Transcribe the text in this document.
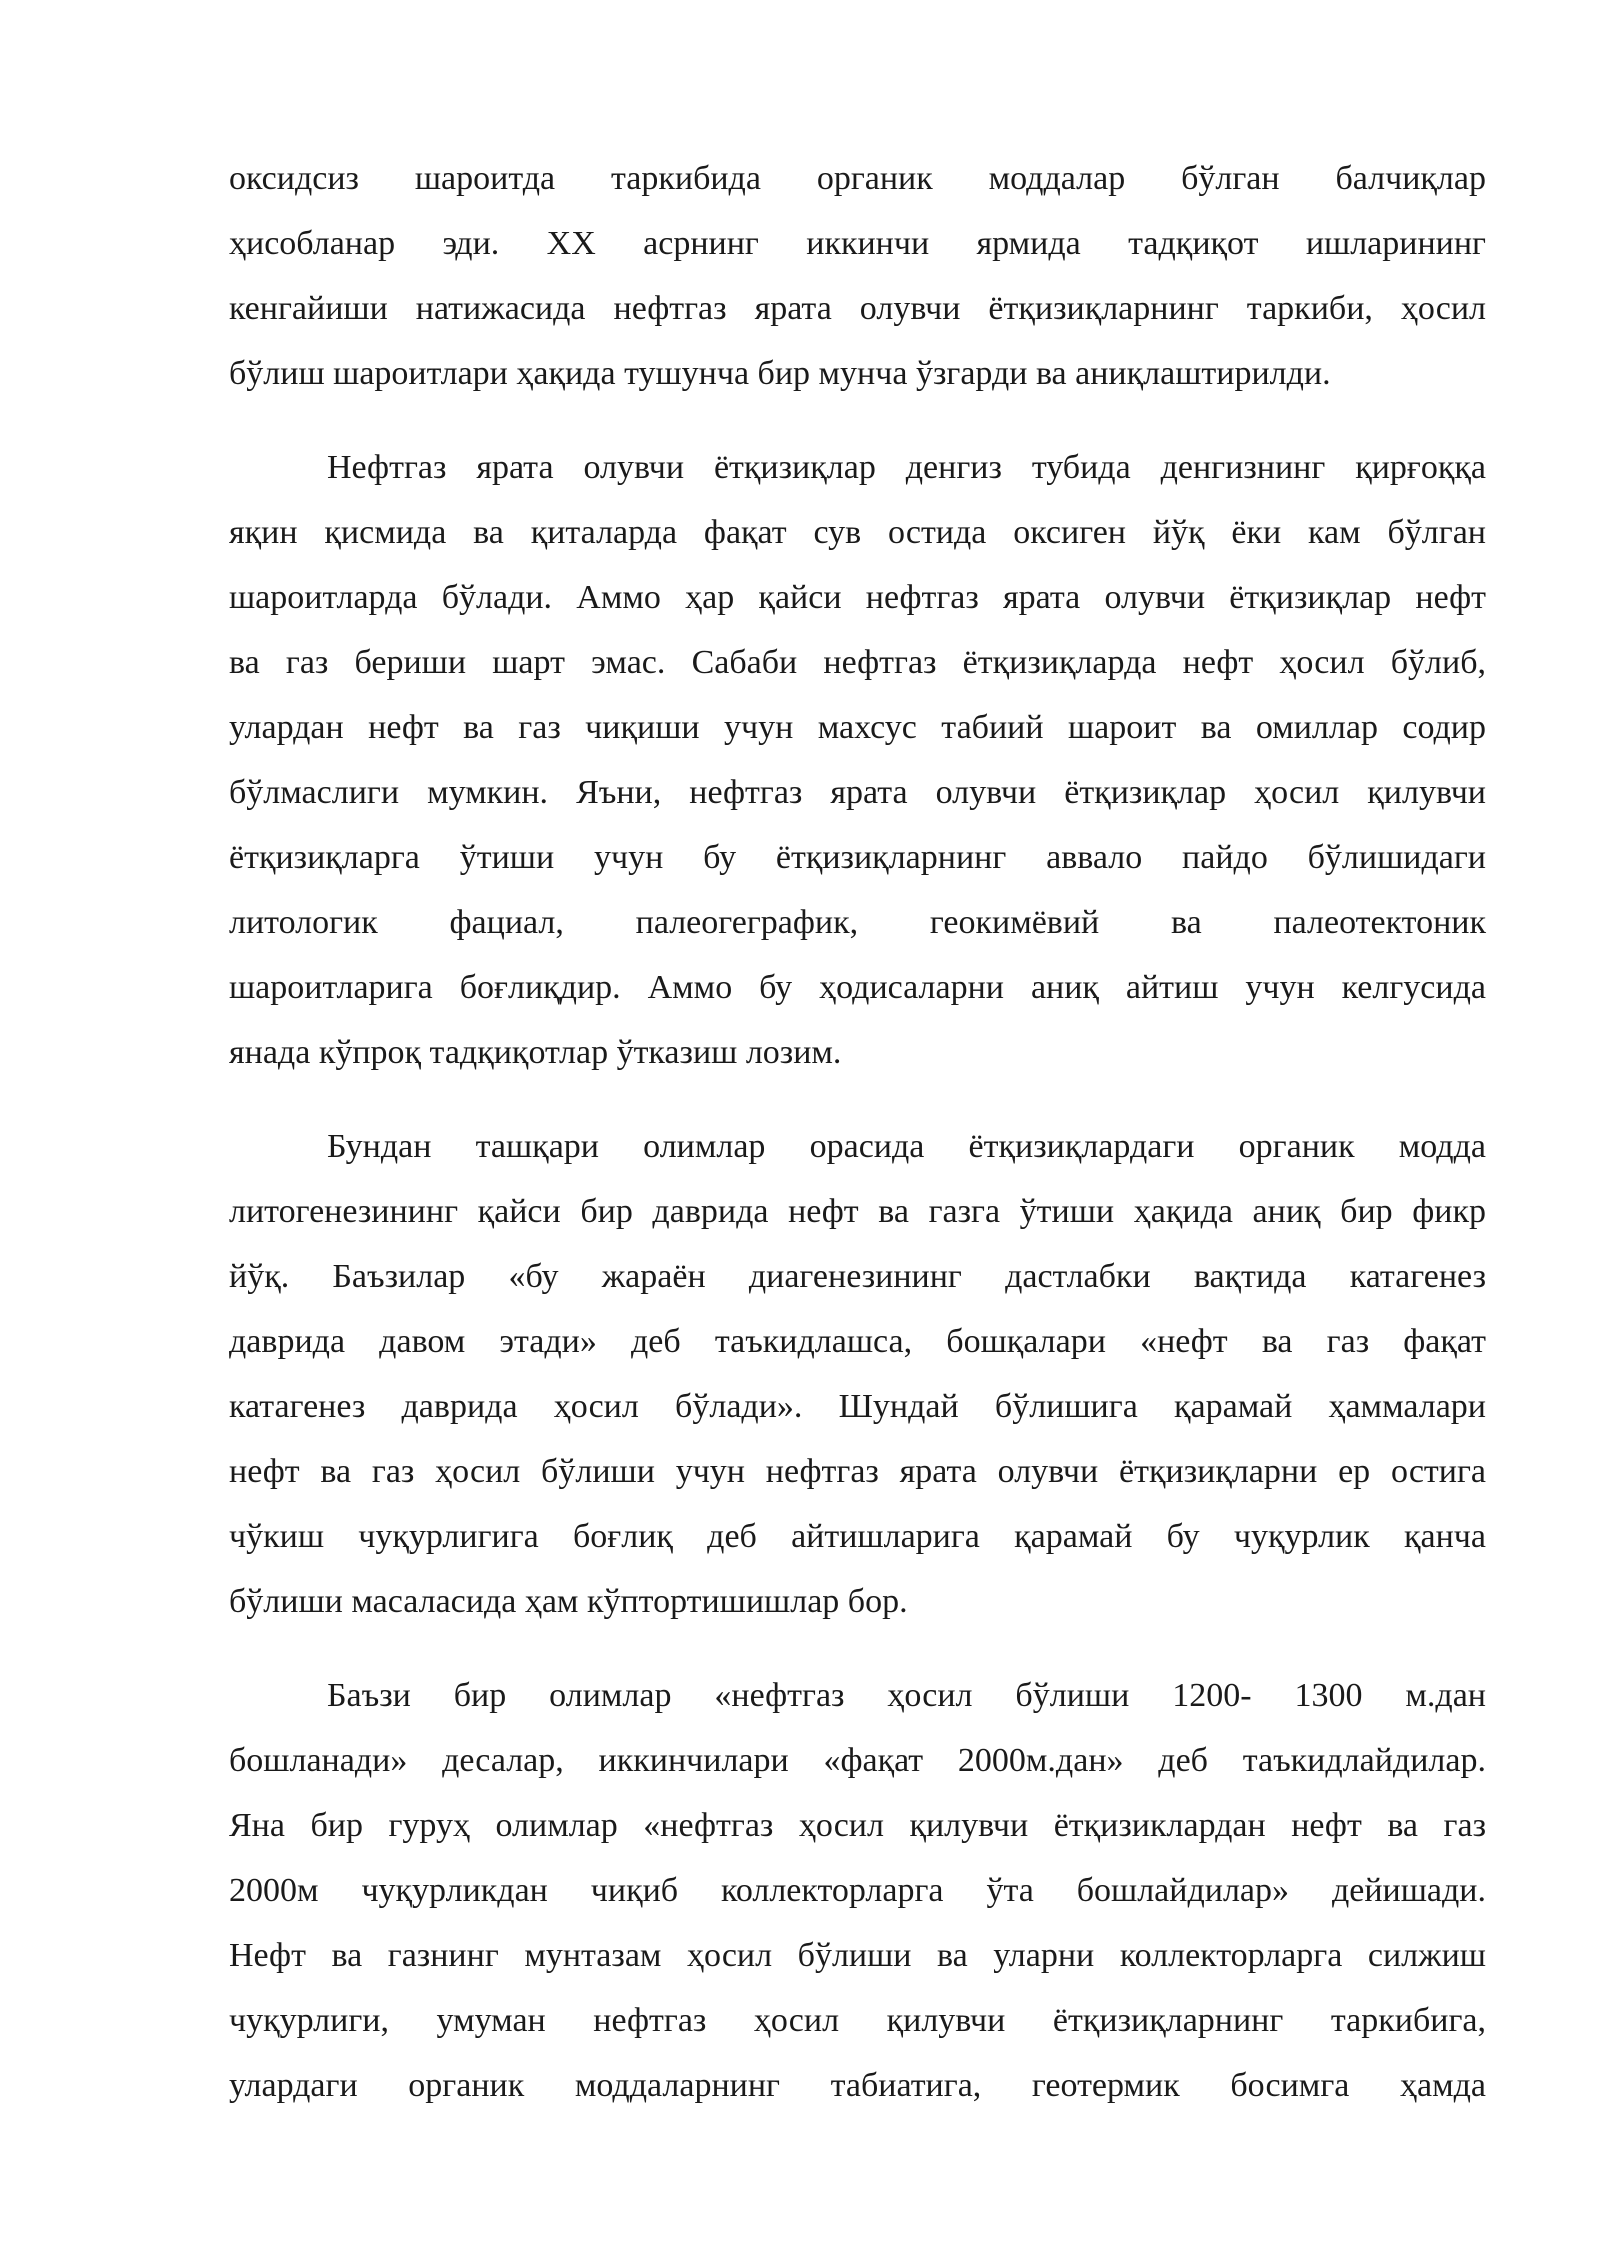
оксидсиз шароитда таркибида органик моддалар бўлган балчиқлар
ҳисобланар эди. XX асрнинг иккинчи ярмида тадқиқот ишларининг
кенгайиши натижасида нефтгаз ярата олувчи ётқизиқларнинг таркиби, ҳосил
бўлиш шароитлари ҳақида тушунча бир мунча ўзгарди ва аниқлаштирилди.
Нефтгаз ярата олувчи ётқизиқлар денгиз тубида денгизнинг қирғоққа
яқин қисмида ва қиталарда фақат сув остида оксиген йўқ ёки кам бўлган
шароитларда бўлади. Аммо ҳар қайси нефтгаз ярата олувчи ётқизиқлар нефт
ва газ бериши шарт эмас. Сабаби нефтгаз ётқизиқларда нефт ҳосил бўлиб,
улардан нефт ва газ чиқиши учун махсус табиий шароит ва омиллар содир
бўлмаслиги мумкин. Яъни, нефтгаз ярата олувчи ётқизиқлар ҳосил қилувчи
ётқизиқларга ўтиши учун бу ётқизиқларнинг аввало пайдо бўлишидаги
литологик фациал, палеогеграфик, геокимёвий ва палеотектоник
шароитларига боғлиқдир. Аммо бу ҳодисаларни аниқ айтиш учун келгусида
янада кўпроқ тадқиқотлар ўтказиш лозим.
Бундан ташқари олимлар орасида ётқизиқлардаги органик модда
литогенезининг қайси бир даврида нефт ва газга ўтиши ҳақида аниқ бир фикр
йўқ. Баъзилар «бу жараён диагенезининг дастлабки вақтида катагенез
даврида давом этади» деб таъкидлашса, бошқалари «нефт ва газ фақат
катагенез даврида ҳосил бўлади». Шундай бўлишига қарамай ҳаммалари
нефт ва газ ҳосил бўлиши учун нефтгаз ярата олувчи ётқизиқларни ер остига
чўкиш чуқурлигига боғлиқ деб айтишларига қарамай бу чуқурлик қанча
бўлиши масаласида ҳам кўптортишишлар бор.
Баъзи бир олимлар «нефтгаз ҳосил бўлиши 1200- 1300 м.дан
бошланади» десалар, иккинчилари «фақат 2000м.дан» деб таъкидлайдилар.
Яна бир гуруҳ олимлар «нефтгаз ҳосил қилувчи ётқизиклардан нефт ва газ
2000м чуқурликдан чиқиб коллекторларга ўта бошлайдилар» дейишади.
Нефт ва газнинг мунтазам ҳосил бўлиши ва уларни коллекторларга силжиш
чуқурлиги, умуман нефтгаз ҳосил қилувчи ётқизиқларнинг таркибига,
улардаги органик моддаларнинг табиатига, геотермик босимга ҳамда
